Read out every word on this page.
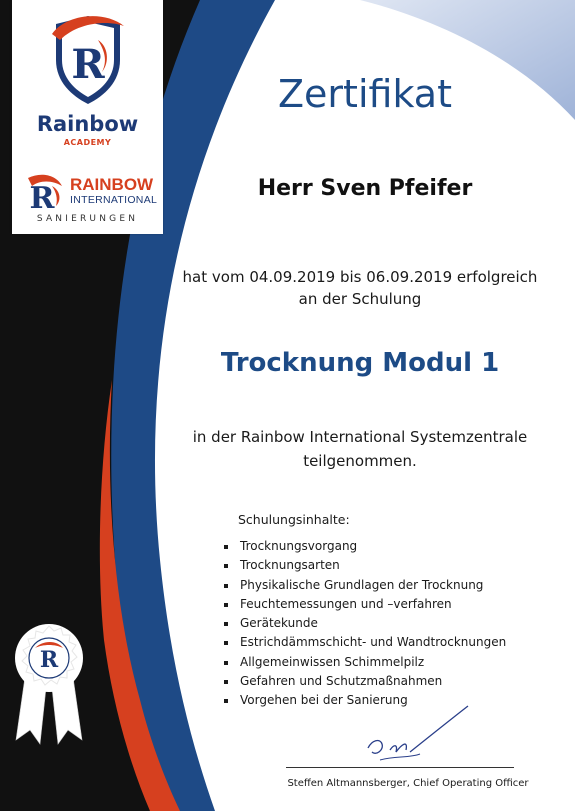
R
Rainbow
ACADEMY
R RAINBOW
INTERNATIONAL
SANIERUNGEN
Zertifikat
Herr Sven Pfeifer
hat vom 04.09.2019 bis 06.09.2019 erfolgreich
an der Schulung
Trocknung Modul 1
in der Rainbow International Systemzentrale
teilgenommen.
Schulungsinhalte:
Trocknungsvorgang
Trocknungsarten
Physikalische Grundlagen der Trocknung
Feuchtemessungen und –verfahren
Gerätekunde
Estrichdämmschicht- und Wandtrocknungen
Allgemeinwissen Schimmelpilz
Gefahren und Schutzmaßnahmen
Vorgehen bei der Sanierung
Steffen Altmannsberger, Chief Operating Officer
R
